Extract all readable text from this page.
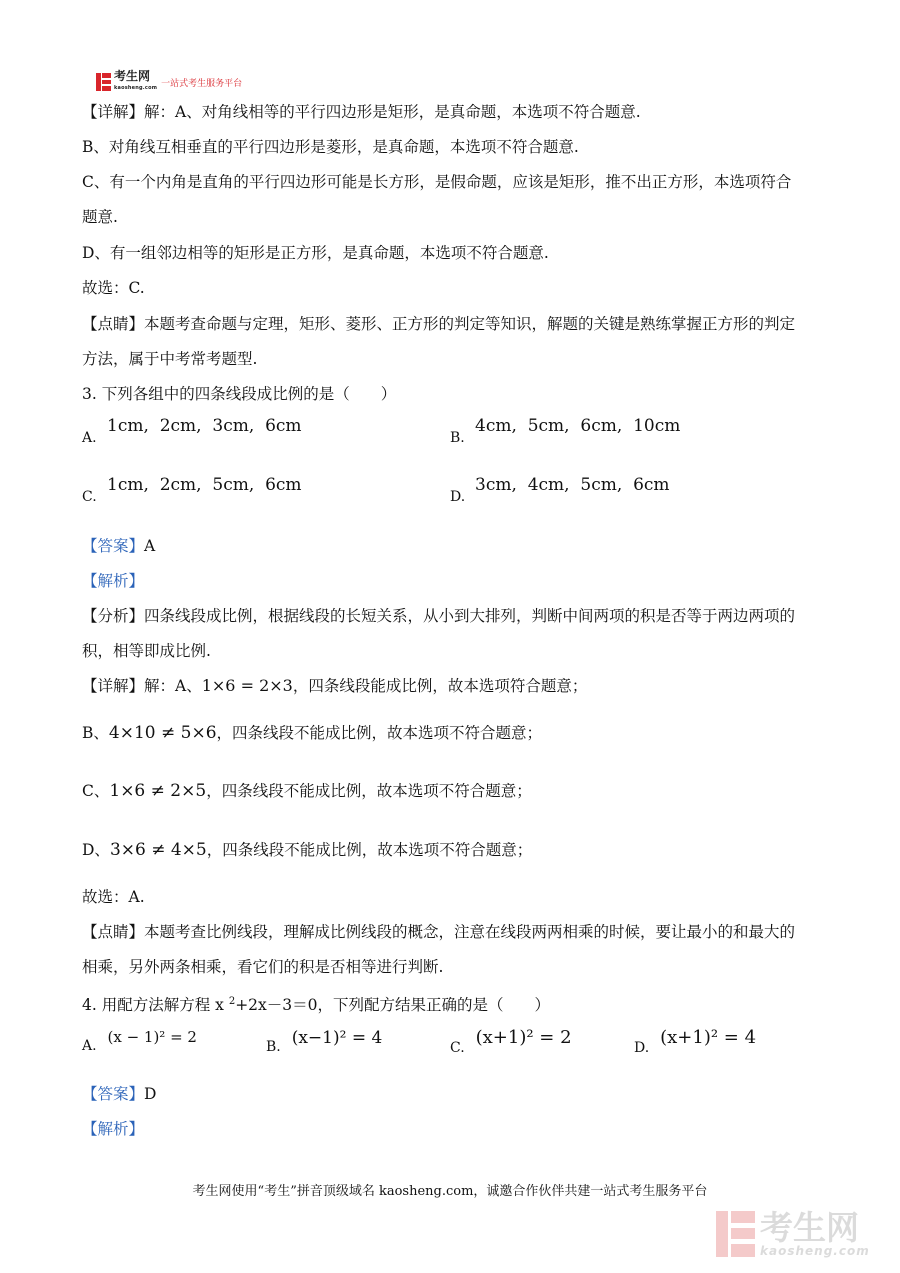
考生网
kaosheng.com 一站式考生服务平台
【详解】解：A、对角线相等的平行四边形是矩形，是真命题，本选项不符合题意.
B、对角线互相垂直的平行四边形是菱形，是真命题，本选项不符合题意.
C、有一个内角是直角的平行四边形可能是长方形，是假命题，应该是矩形，推不出正方形，本选项符合
题意.
D、有一组邻边相等的矩形是正方形，是真命题，本选项不符合题意.
故选：C.
【点睛】本题考查命题与定理，矩形、菱形、正方形的判定等知识，解题的关键是熟练掌握正方形的判定
方法，属于中考常考题型.
3. 下列各组中的四条线段成比例的是（　　）
A.
1cm,  2cm,  3cm,  6cm
B.
4cm,  5cm,  6cm,  10cm
C.
1cm,  2cm,  5cm,  6cm
D.
3cm,  4cm,  5cm,  6cm
【答案】A
【解析】
【分析】四条线段成比例，根据线段的长短关系，从小到大排列，判断中间两项的积是否等于两边两项的
积，相等即成比例.
【详解】解：A、1×6 = 2×3，四条线段能成比例，故本选项符合题意；
B、4×10 ≠ 5×6，四条线段不能成比例，故本选项不符合题意；
C、1×6 ≠ 2×5，四条线段不能成比例，故本选项不符合题意；
D、3×6 ≠ 4×5，四条线段不能成比例，故本选项不符合题意；
故选：A.
【点睛】本题考查比例线段，理解成比例线段的概念，注意在线段两两相乘的时候，要让最小的和最大的
相乘，另外两条相乘，看它们的积是否相等进行判断.
4. 用配方法解方程 x $^2$+2x－3＝0，下列配方结果正确的是（　　）
A. (x − 1)² = 2
B. (x−1)² = 4	C. (x+1)² = 2	D. (x+1)² = 4
【答案】D
【解析】
考生网使用“考生”拼音顶级域名 kaosheng.com，诚邀合作伙伴共建一站式考生服务平台
考生网
kaosheng.com
